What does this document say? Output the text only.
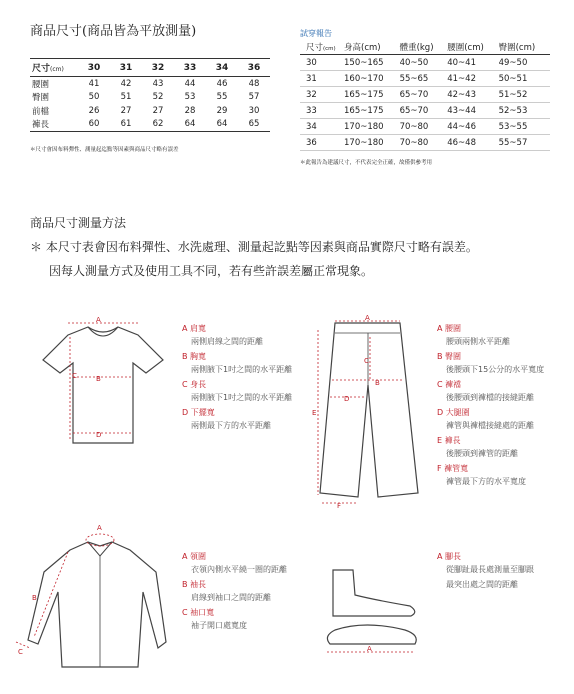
商品尺寸(商品皆為平放測量)
尺寸(cm)	30	31	32	33	34	36
腰圍	41	42	43	44	46	48
臀圍	50	51	52	53	55	57
前檔	26	27	27	28	29	30
褲長	60	61	62	64	64	65
＊尺寸會因布料彈性、測量起迄點等因素與商品尺寸略有誤差
試穿報告
尺寸(cm)	身高(cm)	體重(kg)	腰圍(cm)	臀圍(cm)
30	150~165	40~50	40~41	49~50
31	160~170	55~65	41~42	50~51
32	165~175	65~70	42~43	51~52
33	165~175	65~70	43~44	52~53
34	170~180	70~80	44~46	53~55
36	170~180	70~80	46~48	55~57
＊此報告為建議尺寸，不代表完全正確，故僅供參考用
商品尺寸測量方法
＊ 本尺寸表會因布料彈性、水洗處理、測量起訖點等因素與商品實際尺寸略有誤差。
因每人測量方式及使用工具不同，若有些許誤差屬正常現象。
A
B
C
D
A 肩寬
兩側肩線之間的距離
B 胸寬
兩側腋下1吋之間的水平距離
C 身長
兩側腋下1吋之間的水平距離
D 下擺寬
兩側最下方的水平距離
A
B
C
D
E
F
A 腰圍
腰頭兩側水平距離
B 臀圍
後腰頭下15公分的水平寬度
C 褲襠
後腰頭到褲檔的接縫距離
D 大腿圍
褲管與褲檔接縫處的距離
E 褲長
後腰頭到褲管的距離
F 褲管寬
褲管最下方的水平寬度
A
B
C
A 領圍
衣領內側水平繞一圈的距離
B 袖長
肩線到袖口之間的距離
C 袖口寬
袖子開口處寬度
A
A 腳長
從腳趾最長處測量至腳跟
最突出處之間的距離
